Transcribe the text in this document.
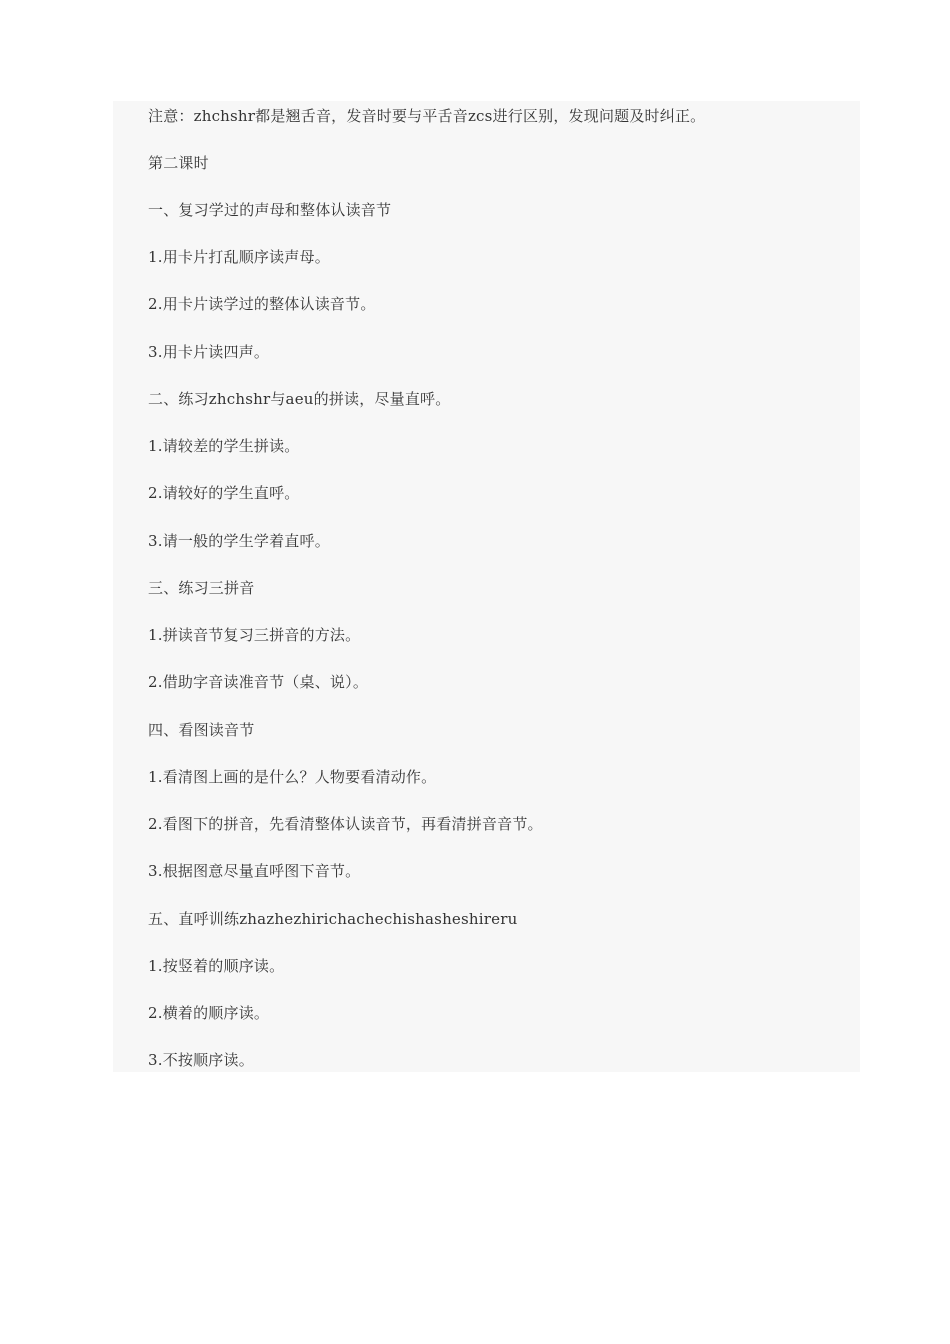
注意：zhchshr都是翘舌音，发音时要与平舌音zcs进行区别，发现问题及时纠正。
第二课时
一、复习学过的声母和整体认读音节
1.用卡片打乱顺序读声母。
2.用卡片读学过的整体认读音节。
3.用卡片读四声。
二、练习zhchshr与aeu的拼读，尽量直呼。
1.请较差的学生拼读。
2.请较好的学生直呼。
3.请一般的学生学着直呼。
三、练习三拼音
1.拼读音节复习三拼音的方法。
2.借助字音读准音节（桌、说）。
四、看图读音节
1.看清图上画的是什么？人物要看清动作。
2.看图下的拼音，先看清整体认读音节，再看清拼音音节。
3.根据图意尽量直呼图下音节。
五、直呼训练zhazhezhirichachechishasheshireru
1.按竖着的顺序读。
2.横着的顺序读。
3.不按顺序读。
